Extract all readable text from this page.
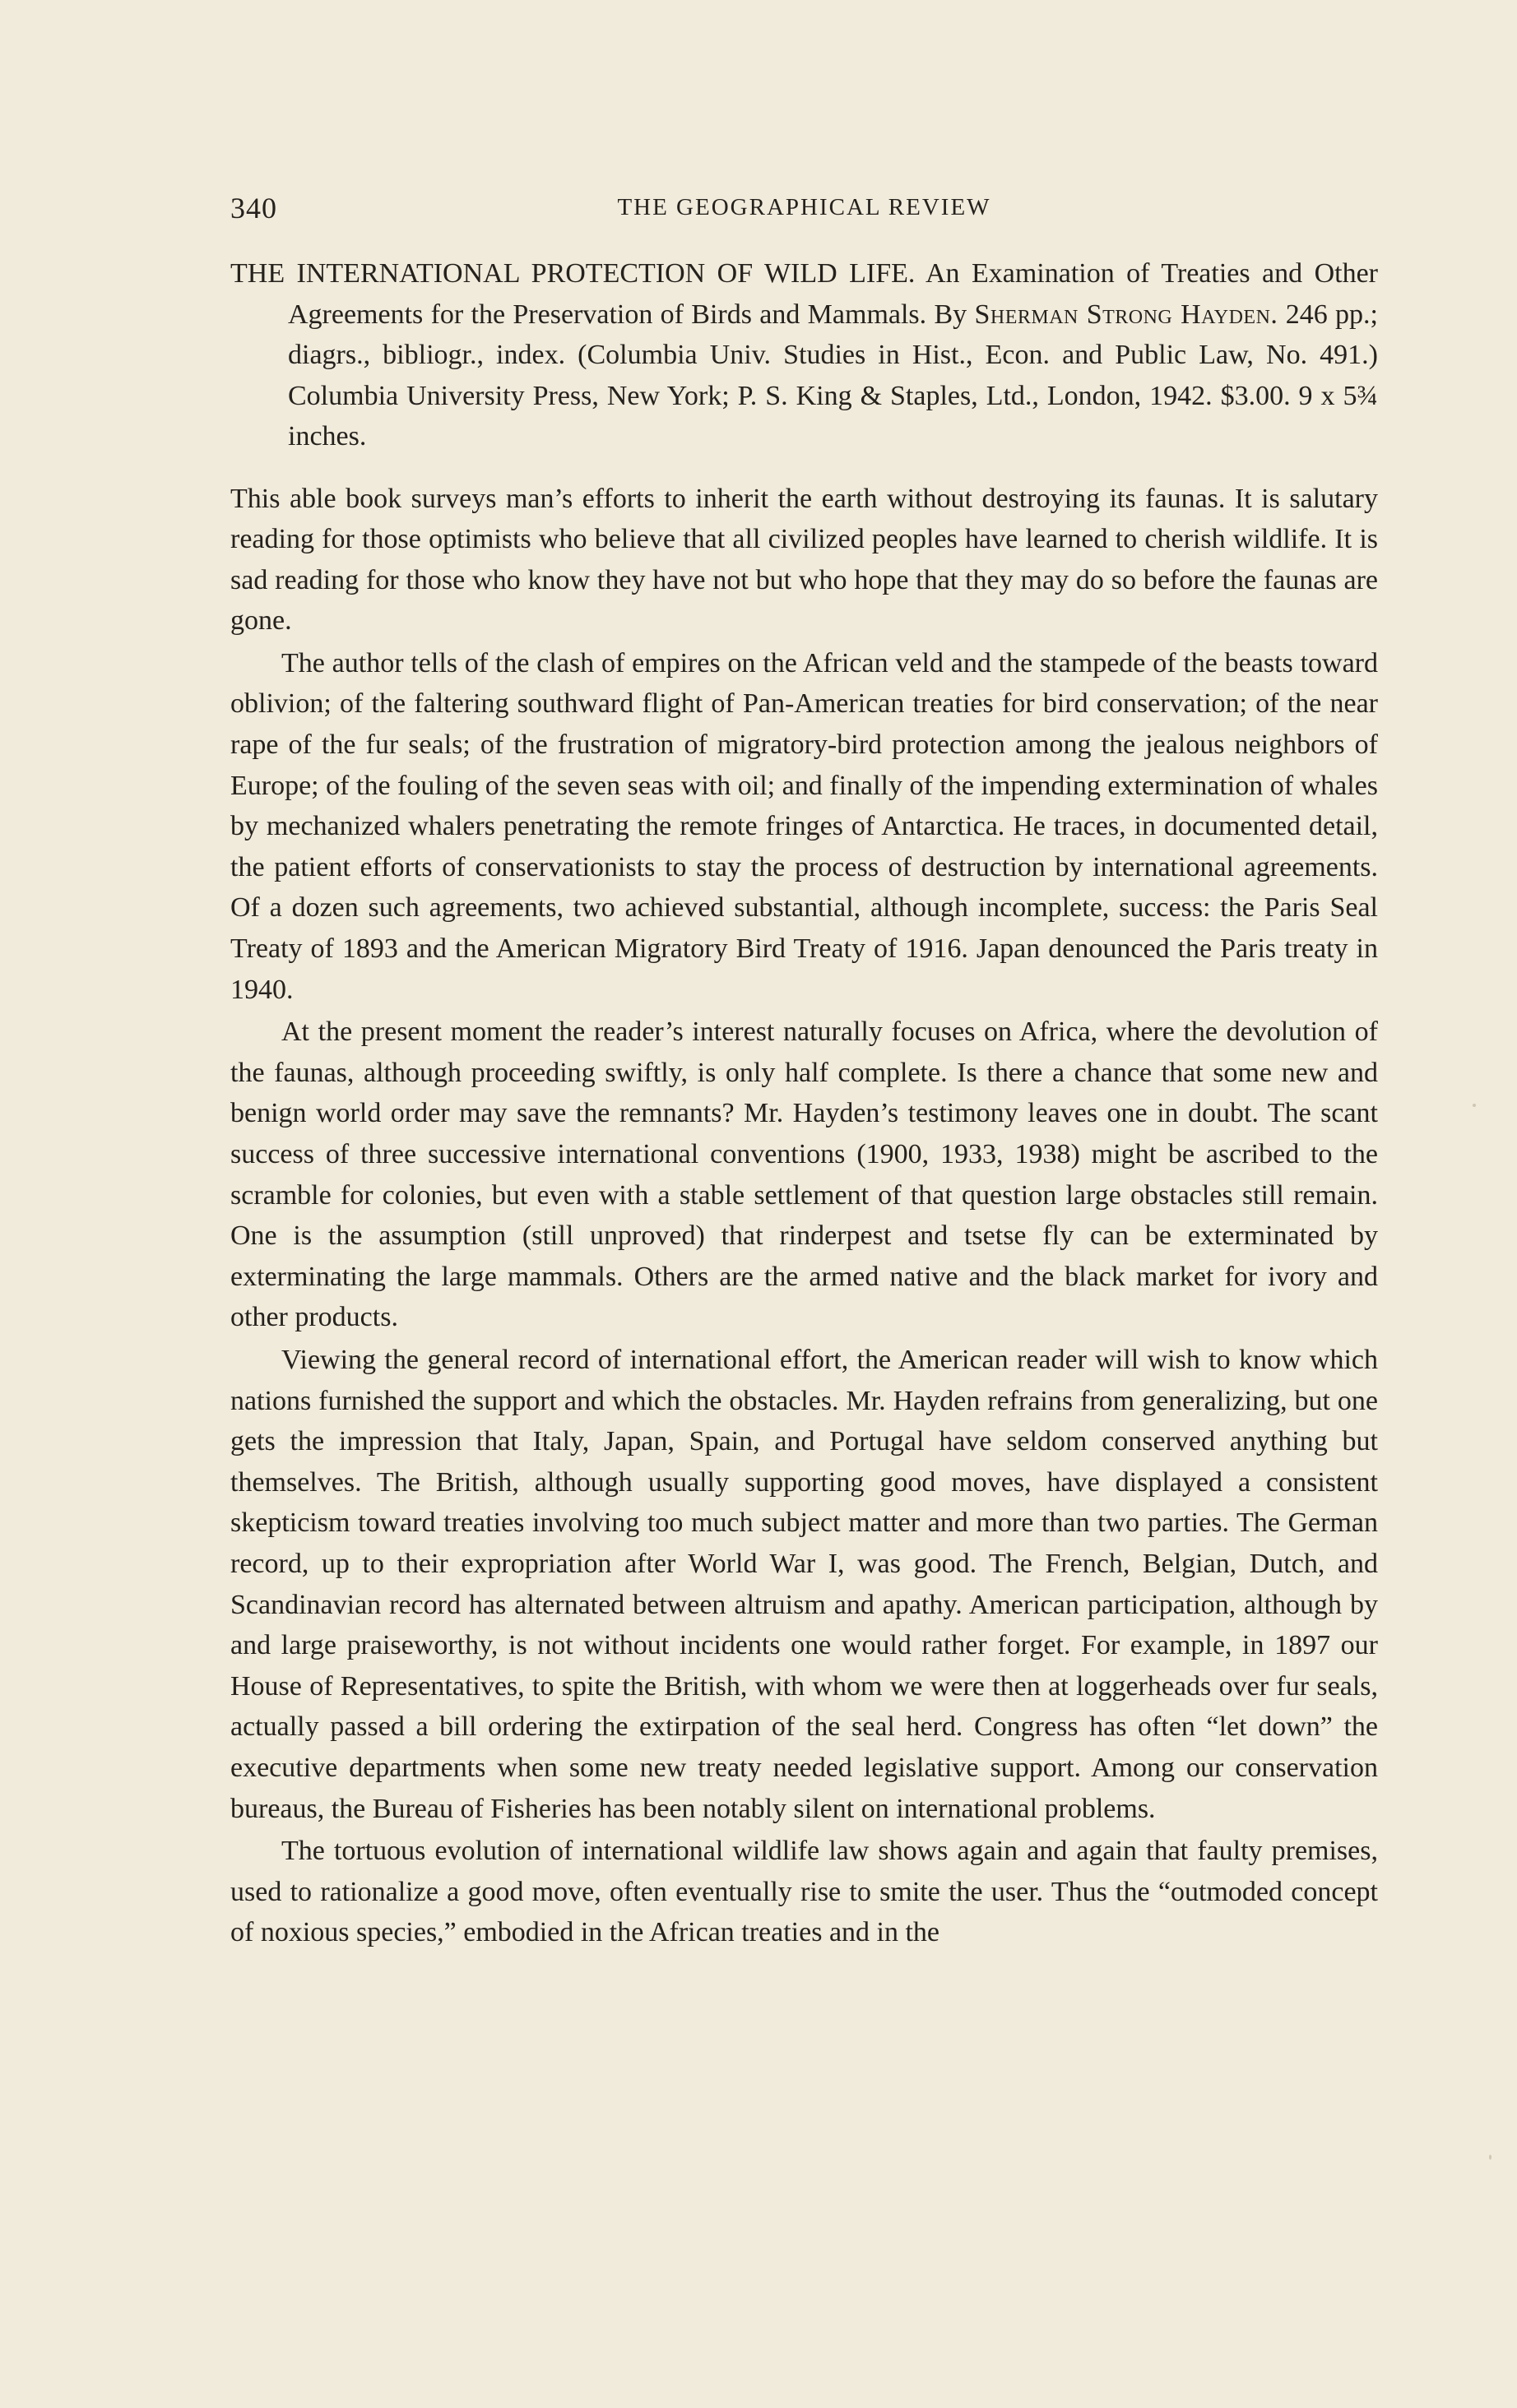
340	THE GEOGRAPHICAL REVIEW

THE INTERNATIONAL PROTECTION OF WILD LIFE. An Examination of Treaties and Other Agreements for the Preservation of Birds and Mammals. By Sherman Strong Hayden. 246 pp.; diagrs., bibliogr., index. (Columbia Univ. Studies in Hist., Econ. and Public Law, No. 491.) Columbia University Press, New York; P. S. King & Staples, Ltd., London, 1942. $3.00. 9 x 5¾ inches.

This able book surveys man’s efforts to inherit the earth without destroying its faunas. It is salutary reading for those optimists who believe that all civilized peoples have learned to cherish wildlife. It is sad reading for those who know they have not but who hope that they may do so before the faunas are gone.

The author tells of the clash of empires on the African veld and the stampede of the beasts toward oblivion; of the faltering southward flight of Pan-American treaties for bird conservation; of the near rape of the fur seals; of the frustration of migratory-bird protection among the jealous neighbors of Europe; of the fouling of the seven seas with oil; and finally of the impending extermination of whales by mechanized whalers penetrating the remote fringes of Antarctica. He traces, in documented detail, the patient efforts of conservationists to stay the process of destruction by international agreements. Of a dozen such agreements, two achieved substantial, although incomplete, success: the Paris Seal Treaty of 1893 and the American Migratory Bird Treaty of 1916. Japan denounced the Paris treaty in 1940.

At the present moment the reader’s interest naturally focuses on Africa, where the devolution of the faunas, although proceeding swiftly, is only half complete. Is there a chance that some new and benign world order may save the remnants? Mr. Hayden’s testimony leaves one in doubt. The scant success of three successive international conventions (1900, 1933, 1938) might be ascribed to the scramble for colonies, but even with a stable settlement of that question large obstacles still remain. One is the assumption (still unproved) that rinderpest and tsetse fly can be exterminated by exterminating the large mammals. Others are the armed native and the black market for ivory and other products.

Viewing the general record of international effort, the American reader will wish to know which nations furnished the support and which the obstacles. Mr. Hayden refrains from generalizing, but one gets the impression that Italy, Japan, Spain, and Portugal have seldom conserved anything but themselves. The British, although usually supporting good moves, have displayed a consistent skepticism toward treaties involving too much subject matter and more than two parties. The German record, up to their expropriation after World War I, was good. The French, Belgian, Dutch, and Scandinavian record has alternated between altruism and apathy. American participation, although by and large praiseworthy, is not without incidents one would rather forget. For example, in 1897 our House of Representatives, to spite the British, with whom we were then at loggerheads over fur seals, actually passed a bill ordering the extirpation of the seal herd. Congress has often “let down” the executive departments when some new treaty needed legislative support. Among our conservation bureaus, the Bureau of Fisheries has been notably silent on international problems.

The tortuous evolution of international wildlife law shows again and again that faulty premises, used to rationalize a good move, often eventually rise to smite the user. Thus the “outmoded concept of noxious species,” embodied in the African treaties and in the
